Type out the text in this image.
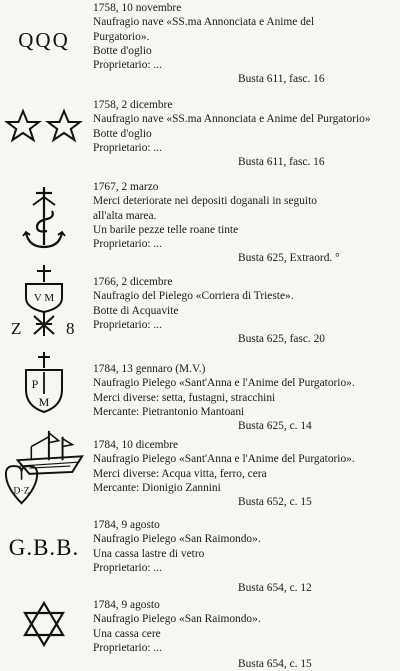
QQQ
1758, 10 novembre
Naufragio nave «SS.ma Annonciata e Anime del
Purgatorio».
Botte d'oglio
Proprietario: ...
Busta 611, fasc. 16
1758, 2 dicembre
Naufragio nave «SS.ma Annonciata e Anime del Purgatorio»
Botte d'oglio
Proprietario: ...
Busta 611, fasc. 16
1767, 2 marzo
Merci deteriorate nei depositi doganali in seguito
all'alta marea.
Un barile pezze telle roane tinte
Proprietario: ...
Busta 625, Extraord. °
V M
Z	8
1766, 2 dicembre
Naufragio del Pielego «Corriera di Trieste».
Botte di Acquavite
Proprietario: ...
Busta 625, fasc. 20
P
M
1784, 13 gennaro (M.V.)
Naufragio Pielego «Sant'Anna e l'Anime del Purgatorio».
Merci diverse: setta, fustagni, stracchini
Mercante: Pietrantonio Mantoani
Busta 625, c. 14
D·Z
1784, 10 dicembre
Naufragio Pielego «Sant'Anna e l'Anime del Purgatorio».
Merci diverse: Acqua vitta, ferro, cera
Mercante: Dionigio Zannini
Busta 652, c. 15
G.B.B.
1784, 9 agosto
Naufragio Pielego «San Raimondo».
Una cassa lastre di vetro
Proprietario: ...
Busta 654, c. 12
1784, 9 agosto
Naufragio Pielego «San Raimondo».
Una cassa cere
Proprietario: ...
Busta 654, c. 15
